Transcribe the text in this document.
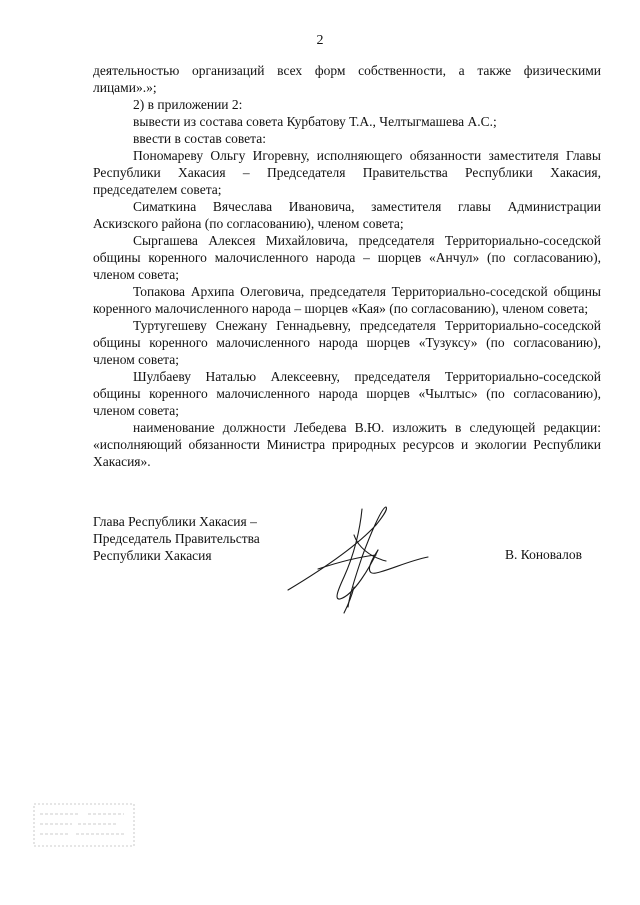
2

деятельностью организаций всех форм собственности, а также физическими лицами».»;

2) в приложении 2:

вывести из состава совета Курбатову Т.А., Челтыгмашева А.С.;

ввести в состав совета:

Пономареву Ольгу Игоревну, исполняющего обязанности заместителя Главы Республики Хакасия – Председателя Правительства Республики Хакасия, председателем совета;

Симаткина Вячеслава Ивановича, заместителя главы Администрации Аскизского района (по согласованию), членом совета;

Сыргашева Алексея Михайловича, председателя Территориально-соседской общины коренного малочисленного народа – шорцев «Анчул» (по согласованию), членом совета;

Топакова Архипа Олеговича, председателя Территориально-соседской общины коренного малочисленного народа – шорцев «Кая» (по согласованию), членом совета;

Туртугешеву Снежану Геннадьевну, председателя Территориально-соседской общины коренного малочисленного народа шорцев «Тузуксу» (по согласованию), членом совета;

Шулбаеву Наталью Алексеевну, председателя Территориально-соседской общины коренного малочисленного народа шорцев «Чылтыс» (по согласованию), членом совета;

наименование должности Лебедева В.Ю. изложить в следующей редакции: «исполняющий обязанности Министра природных ресурсов и экологии Республики Хакасия».

Глава Республики Хакасия –
Председатель Правительства
Республики Хакасия	В. Коновалов
